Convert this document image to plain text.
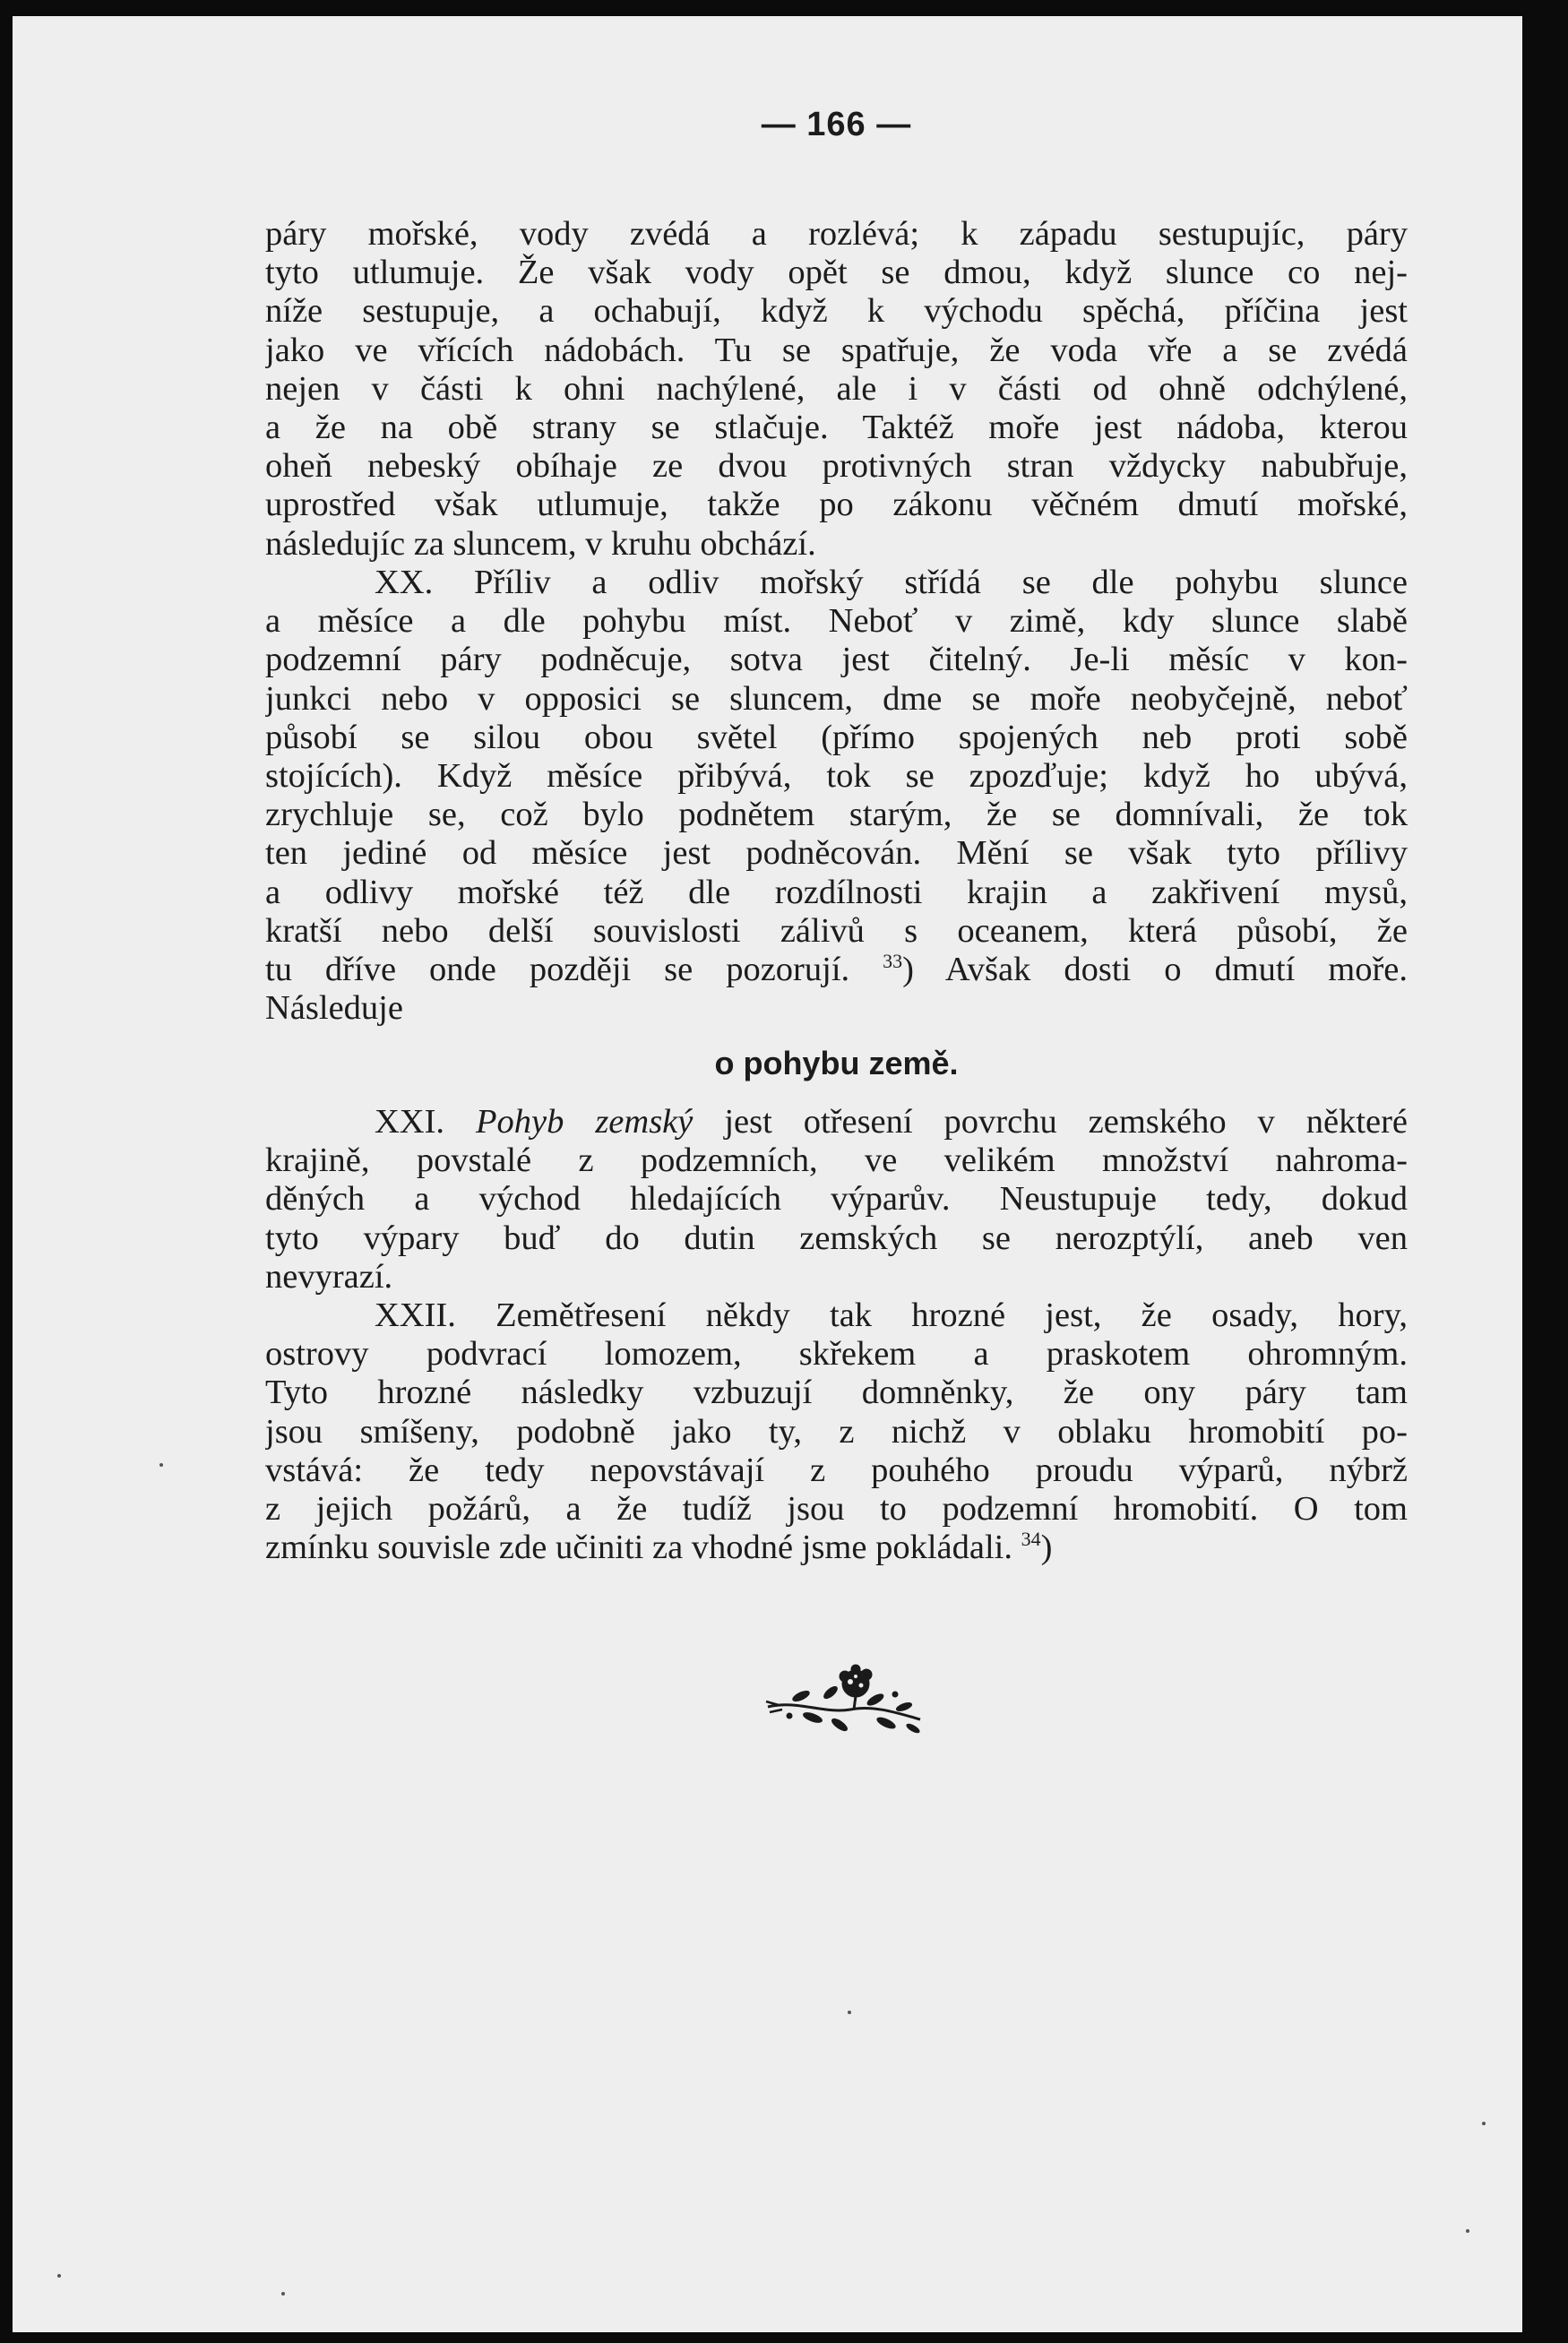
— 166 —
páry mořské, vody zvédá a rozlévá; k západu sestupujíc, páry
tyto utlumuje. Že však vody opět se dmou, když slunce co nej-
níže sestupuje, a ochabují, když k východu spěchá, příčina jest
jako ve vřících nádobách. Tu se spatřuje, že voda vře a se zvédá
nejen v části k ohni nachýlené, ale i v části od ohně odchýlené,
a že na obě strany se stlačuje. Taktéž moře jest nádoba, kterou
oheň nebeský obíhaje ze dvou protivných stran vždycky nabubřuje,
uprostřed však utlumuje, takže po zákonu věčném dmutí mořské,
následujíc za sluncem, v kruhu obchází.
XX. Příliv a odliv mořský střídá se dle pohybu slunce
a měsíce a dle pohybu míst. Neboť v zimě, kdy slunce slabě
podzemní páry podněcuje, sotva jest čitelný. Je-li měsíc v kon-
junkci nebo v opposici se sluncem, dme se moře neobyčejně, neboť
působí se silou obou světel (přímo spojených neb proti sobě
stojících). Když měsíce přibývá, tok se zpozďuje; když ho ubývá,
zrychluje se, což bylo podnětem starým, že se domnívali, že tok
ten jediné od měsíce jest podněcován. Mění se však tyto přílivy
a odlivy mořské též dle rozdílnosti krajin a zakřivení mysů,
kratší nebo delší souvislosti zálivů s oceanem, která působí, že
tu dříve onde později se pozorují. $^{33}$) Avšak dosti o dmutí moře.
Následuje
o pohybu země.
XXI. Pohyb zemský jest otřesení povrchu zemského v některé
krajině, povstalé z podzemních, ve velikém množství nahroma-
děných a východ hledajících výparův. Neustupuje tedy, dokud
tyto výpary buď do dutin zemských se nerozptýlí, aneb ven
nevyrazí.
XXII. Zemětřesení někdy tak hrozné jest, že osady, hory,
ostrovy podvrací lomozem, skřekem a praskotem ohromným.
Tyto hrozné následky vzbuzují domněnky, že ony páry tam
jsou smíšeny, podobně jako ty, z nichž v oblaku hromobití po-
vstává: že tedy nepovstávají z pouhého proudu výparů, nýbrž
z jejich požárů, a že tudíž jsou to podzemní hromobití. O tom
zmínku souvisle zde učiniti za vhodné jsme pokládali. $^{34}$)
